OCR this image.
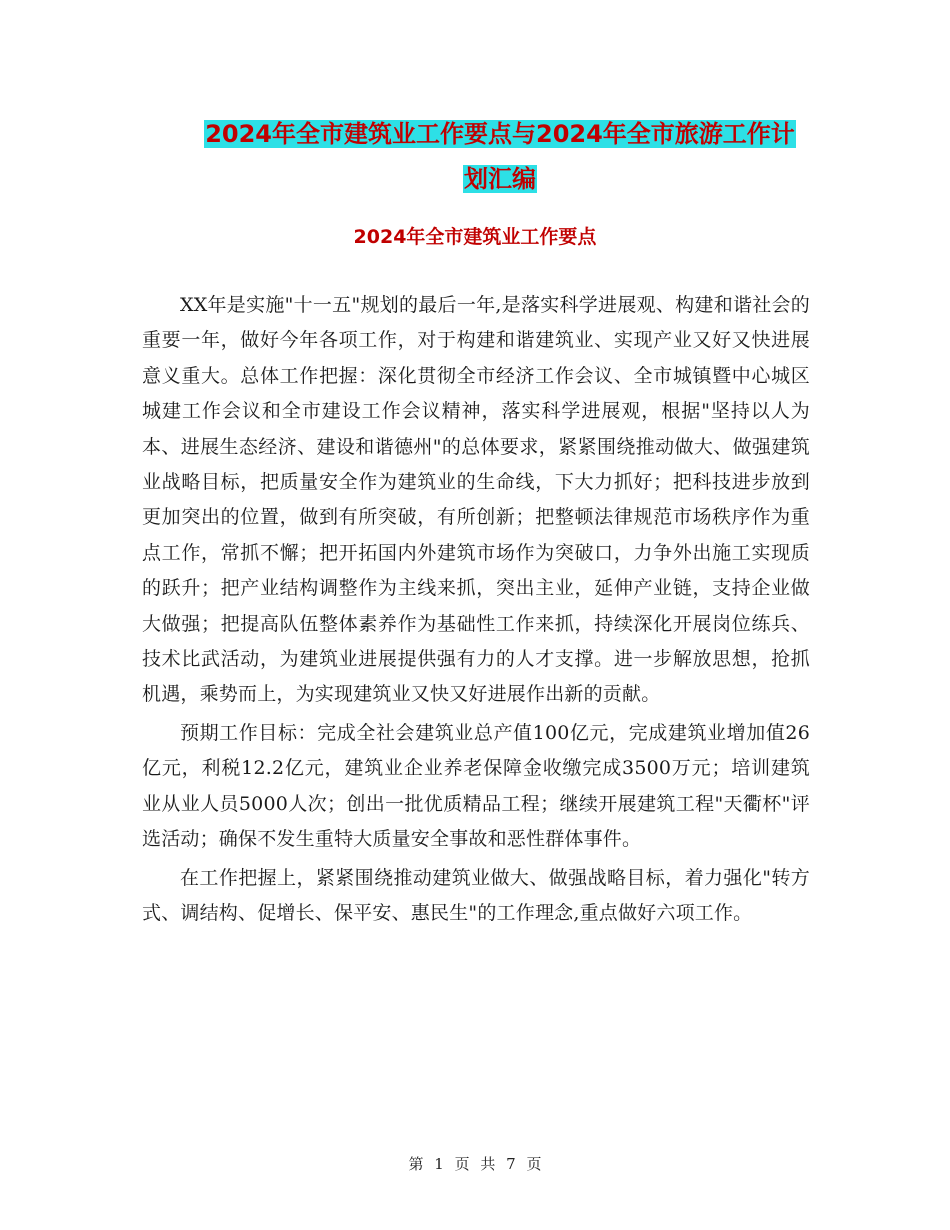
2024年全市建筑业工作要点与2024年全市旅游工作计
划汇编
2024年全市建筑业工作要点

XX年是实施"十一五"规划的最后一年,是落实科学进展观、构建和谐社会的重要一年，做好今年各项工作，对于构建和谐建筑业、实现产业又好又快进展意义重大。总体工作把握：深化贯彻全市经济工作会议、全市城镇暨中心城区城建工作会议和全市建设工作会议精神，落实科学进展观，根据"坚持以人为本、进展生态经济、建设和谐德州"的总体要求，紧紧围绕推动做大、做强建筑业战略目标，把质量安全作为建筑业的生命线，下大力抓好；把科技进步放到更加突出的位置，做到有所突破，有所创新；把整顿法律规范市场秩序作为重点工作，常抓不懈；把开拓国内外建筑市场作为突破口，力争外出施工实现质的跃升；把产业结构调整作为主线来抓，突出主业，延伸产业链，支持企业做大做强；把提高队伍整体素养作为基础性工作来抓，持续深化开展岗位练兵、技术比武活动，为建筑业进展提供强有力的人才支撑。进一步解放思想，抢抓机遇，乘势而上，为实现建筑业又快又好进展作出新的贡献。

预期工作目标：完成全社会建筑业总产值100亿元，完成建筑业增加值26亿元，利税12.2亿元，建筑业企业养老保障金收缴完成3500万元；培训建筑业从业人员5000人次；创出一批优质精品工程；继续开展建筑工程"天衢杯"评选活动；确保不发生重特大质量安全事故和恶性群体事件。

在工作把握上，紧紧围绕推动建筑业做大、做强战略目标，着力强化"转方式、调结构、促增长、保平安、惠民生"的工作理念,重点做好六项工作。

第 1 页 共 7 页
